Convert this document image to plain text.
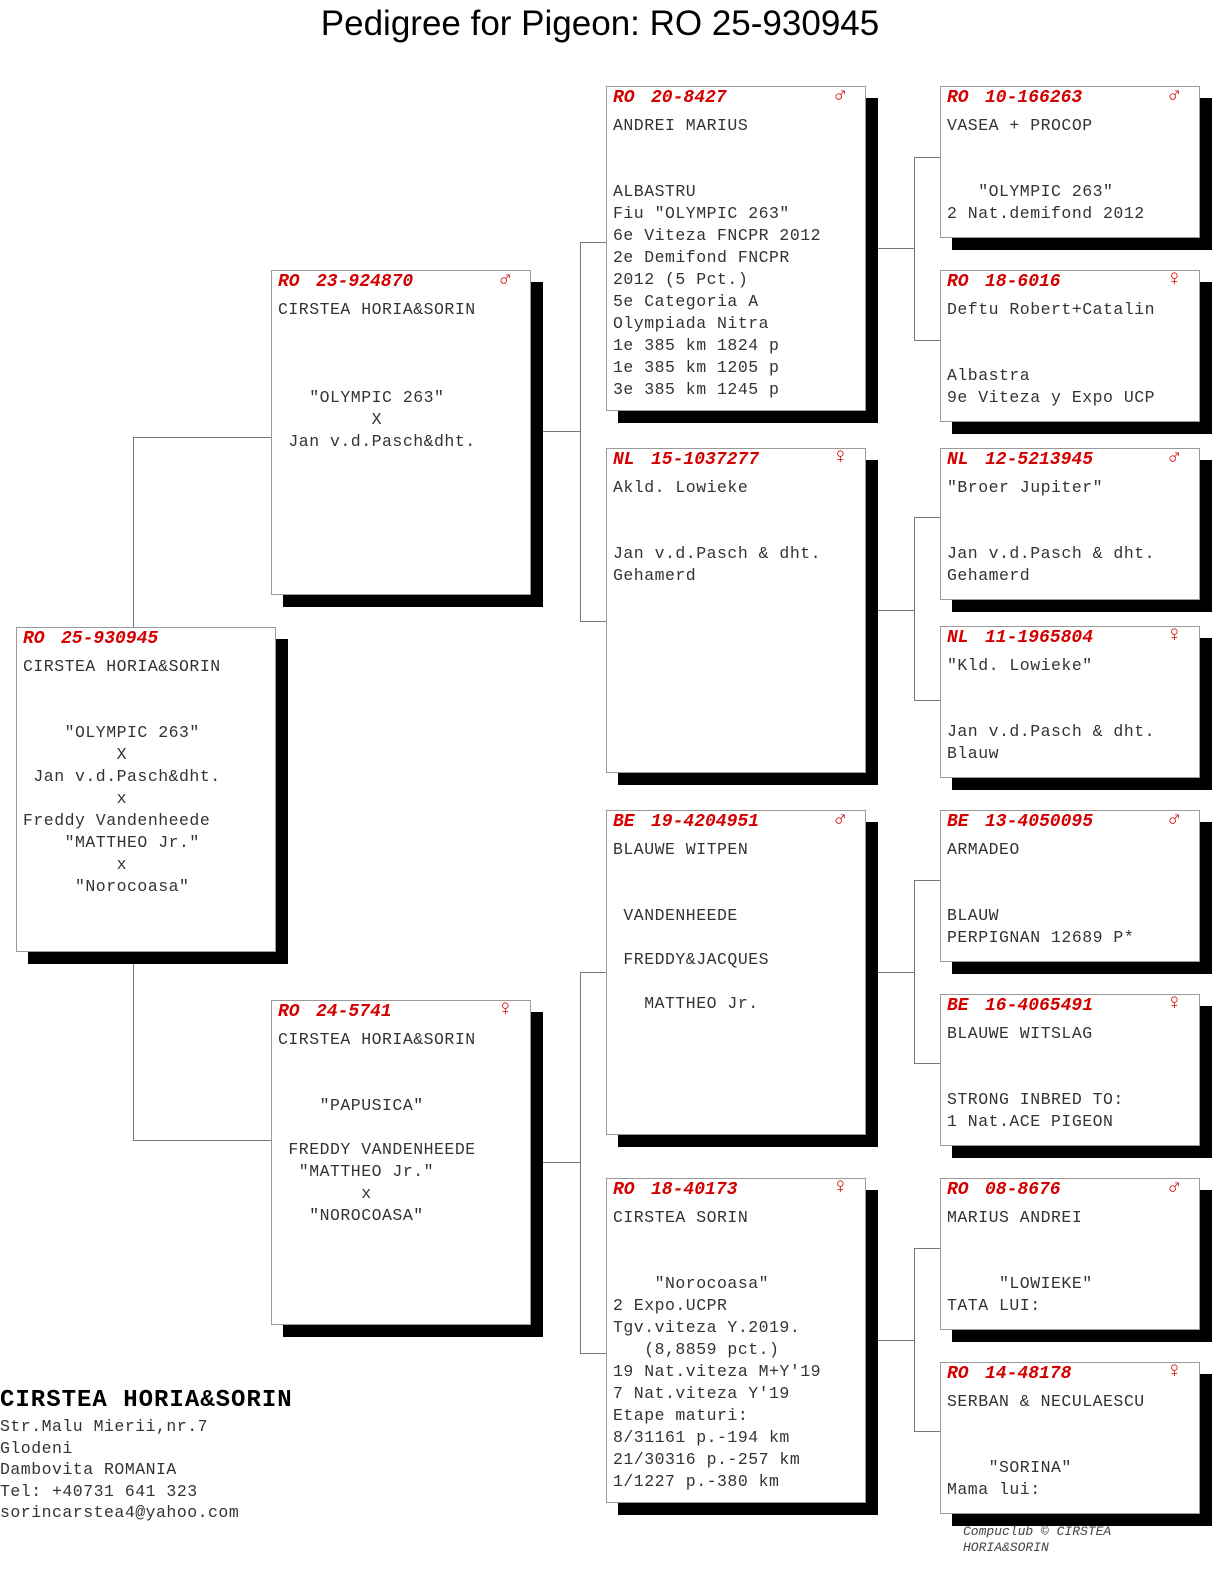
Pedigree for Pigeon: RO 25-930945
RO 25-930945
CIRSTEA HORIA&SORIN

"OLYMPIC 263"
X
Jan v.d.Pasch&dht.
x
Freddy Vandenheede
"MATTHEO Jr."
x
"Norocoasa"
RO 23-924870	♂
CIRSTEA HORIA&SORIN

"OLYMPIC 263"
X
Jan v.d.Pasch&dht.
RO 24-5741	♀
CIRSTEA HORIA&SORIN
"PAPUSICA"

FREDDY VANDENHEEDE
"MATTHEO Jr."
x
"NOROCOASA"
RO 20-8427	♂
ANDREI MARIUS
ALBASTRU
Fiu "OLYMPIC 263"
6e Viteza FNCPR 2012
2e Demifond FNCPR
2012 (5 Pct.)
5e Categoria A
Olympiada Nitra
1e 385 km 1824 p
1e 385 km 1205 p
3e 385 km 1245 p
NL 15-1037277	♀
Akld. Lowieke
Jan v.d.Pasch & dht.
Gehamerd
BE 19-4204951	♂
BLAUWE WITPEN
VANDENHEEDE

FREDDY&JACQUES

MATTHEO Jr.
RO 18-40173	♀
CIRSTEA SORIN
"Norocoasa"
2 Expo.UCPR
Tgv.viteza Y.2019.
(8,8859 pct.)
19 Nat.viteza M+Y'19
7 Nat.viteza Y'19
Etape maturi:
8/31161 p.-194 km
21/30316 p.-257 km
1/1227 p.-380 km
RO 10-166263	♂
VASEA + PROCOP
"OLYMPIC 263"
2 Nat.demifond 2012
RO 18-6016	♀
Deftu Robert+Catalin
Albastra
9e Viteza y Expo UCP
NL 12-5213945	♂
"Broer Jupiter"
Jan v.d.Pasch & dht.
Gehamerd
NL 11-1965804	♀
"Kld. Lowieke"
Jan v.d.Pasch & dht.
Blauw
BE 13-4050095	♂
ARMADEO
BLAUW
PERPIGNAN 12689 P*
BE 16-4065491	♀
BLAUWE WITSLAG
STRONG INBRED TO:
1 Nat.ACE PIGEON
RO 08-8676	♂
MARIUS ANDREI
"LOWIEKE"
TATA LUI:
RO 14-48178	♀
SERBAN & NECULAESCU
"SORINA"
Mama lui:
CIRSTEA HORIA&SORIN
Str.Malu Mierii,nr.7
Glodeni
Dambovita ROMANIA
Tel: +40731 641 323
sorincarstea4@yahoo.com
Compuclub © CIRSTEA
HORIA&SORIN
